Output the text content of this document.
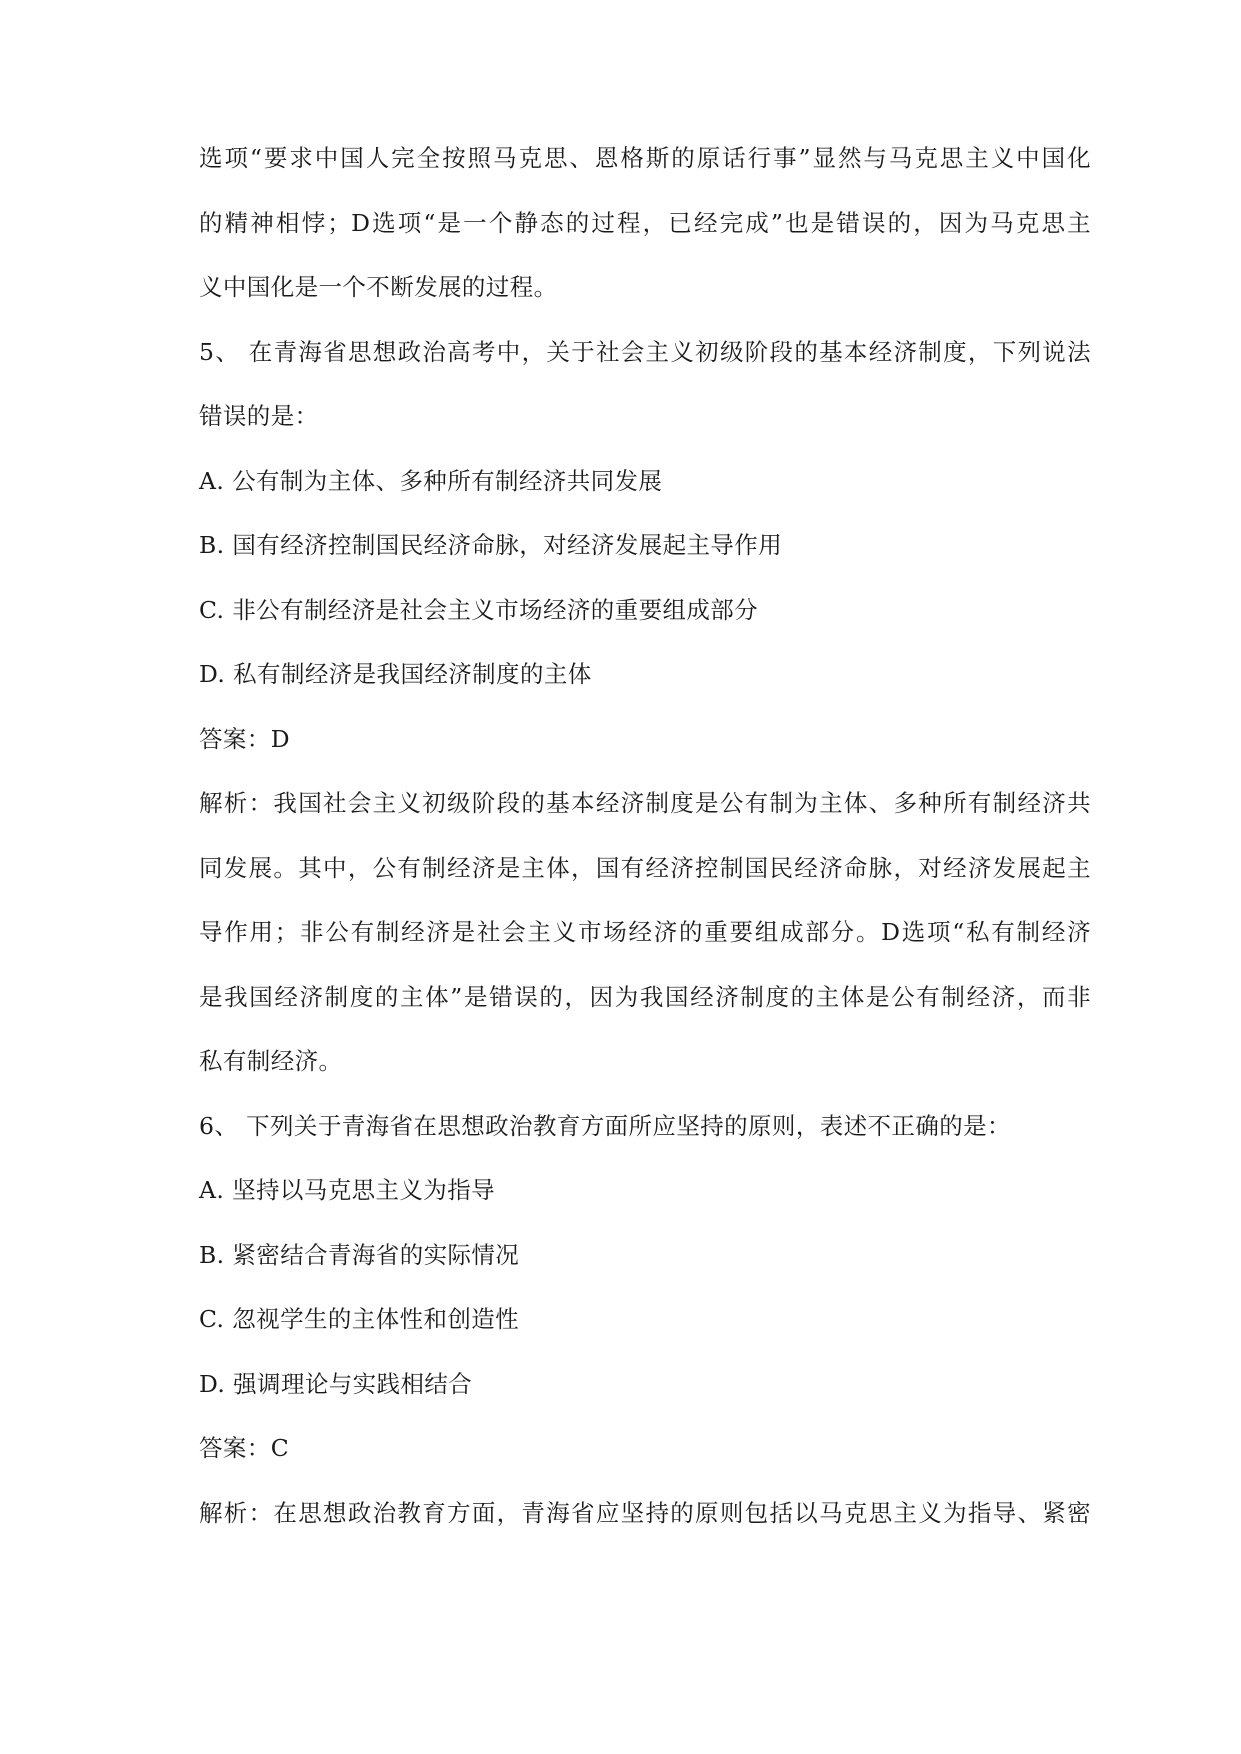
选项“要求中国人完全按照马克思、恩格斯的原话行事”显然与马克思主义中国化
的精神相悖；D选项“是一个静态的过程，已经完成”也是错误的，因为马克思主
义中国化是一个不断发展的过程。
5、 在青海省思想政治高考中，关于社会主义初级阶段的基本经济制度，下列说法
错误的是：
A. 公有制为主体、多种所有制经济共同发展
B. 国有经济控制国民经济命脉，对经济发展起主导作用
C. 非公有制经济是社会主义市场经济的重要组成部分
D. 私有制经济是我国经济制度的主体
答案：D
解析：我国社会主义初级阶段的基本经济制度是公有制为主体、多种所有制经济共
同发展。其中，公有制经济是主体，国有经济控制国民经济命脉，对经济发展起主
导作用；非公有制经济是社会主义市场经济的重要组成部分。D选项“私有制经济
是我国经济制度的主体”是错误的，因为我国经济制度的主体是公有制经济，而非
私有制经济。
6、 下列关于青海省在思想政治教育方面所应坚持的原则，表述不正确的是：
A. 坚持以马克思主义为指导
B. 紧密结合青海省的实际情况
C. 忽视学生的主体性和创造性
D. 强调理论与实践相结合
答案：C
解析：在思想政治教育方面，青海省应坚持的原则包括以马克思主义为指导、紧密
